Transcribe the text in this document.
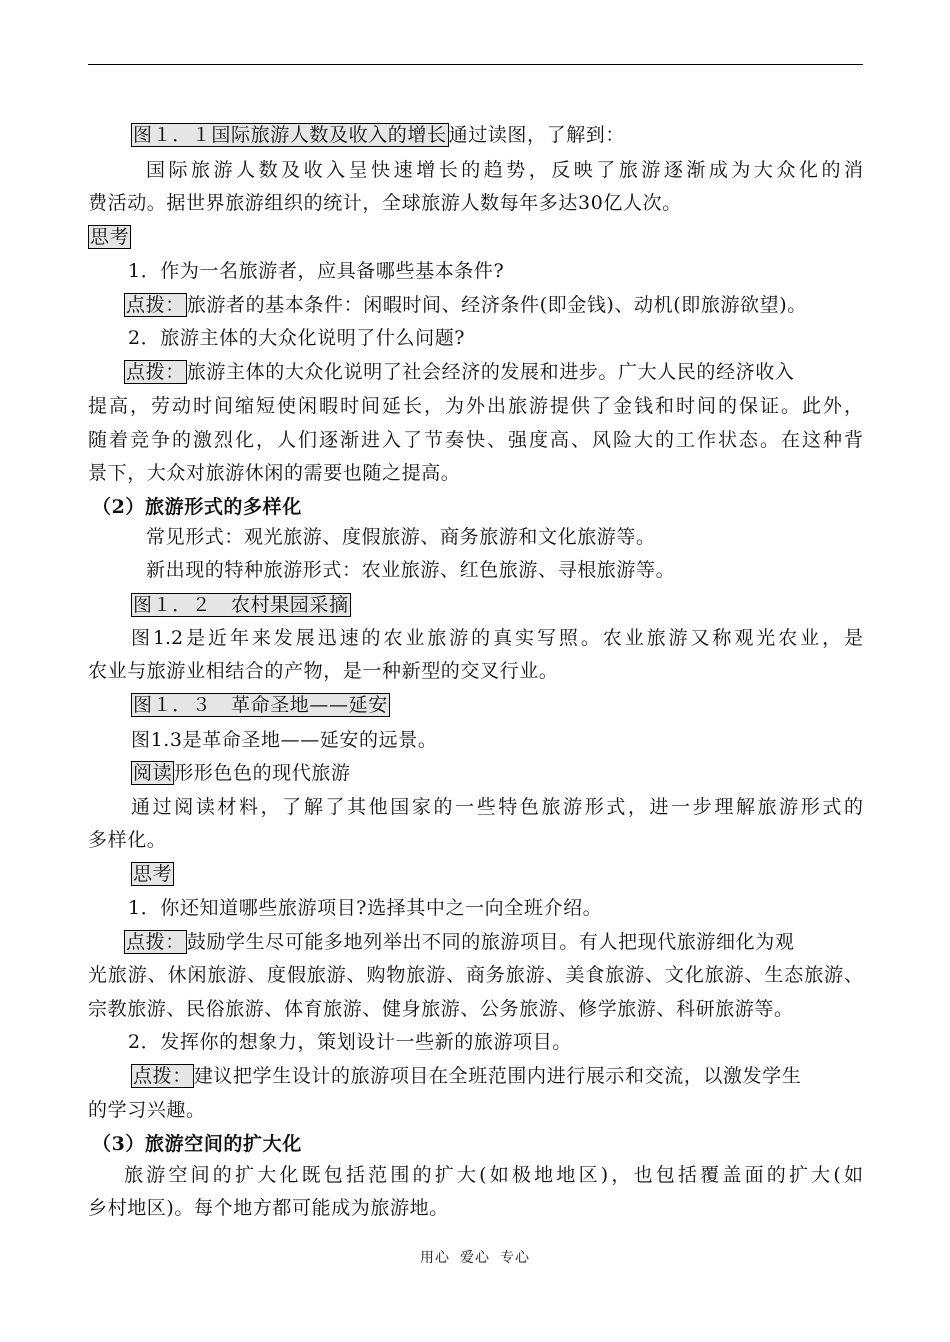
图１．１国际旅游人数及收入的增长 通过读图，了解到：
国际旅游人数及收入呈快速增长的趋势，反映了旅游逐渐成为大众化的消
费活动。据世界旅游组织的统计，全球旅游人数每年多达30亿人次。
思考
1．作为一名旅游者，应具备哪些基本条件?
点拨： 旅游者的基本条件：闲暇时间、经济条件(即金钱)、动机(即旅游欲望)。
2．旅游主体的大众化说明了什么问题?
点拨： 旅游主体的大众化说明了社会经济的发展和进步。广大人民的经济收入
提高，劳动时间缩短使闲暇时间延长，为外出旅游提供了金钱和时间的保证。此外，
随着竞争的激烈化，人们逐渐进入了节奏快、强度高、风险大的工作状态。在这种背
景下，大众对旅游休闲的需要也随之提高。
（2）旅游形式的多样化
常见形式：观光旅游、度假旅游、商务旅游和文化旅游等。
新出现的特种旅游形式：农业旅游、红色旅游、寻根旅游等。
图１．２　农村果园采摘
图1.2是近年来发展迅速的农业旅游的真实写照。农业旅游又称观光农业，是
农业与旅游业相结合的产物，是一种新型的交叉行业。
图１．３　革命圣地——延安
图1.3是革命圣地——延安的远景。
阅读 形形色色的现代旅游
通过阅读材料，了解了其他国家的一些特色旅游形式，进一步理解旅游形式的
多样化。
思考
1．你还知道哪些旅游项目?选择其中之一向全班介绍。
点拨： 鼓励学生尽可能多地列举出不同的旅游项目。有人把现代旅游细化为观
光旅游、休闲旅游、度假旅游、购物旅游、商务旅游、美食旅游、文化旅游、生态旅游、
宗教旅游、民俗旅游、体育旅游、健身旅游、公务旅游、修学旅游、科研旅游等。
2．发挥你的想象力，策划设计一些新的旅游项目。
点拨： 建议把学生设计的旅游项目在全班范围内进行展示和交流，以激发学生
的学习兴趣。
（3）旅游空间的扩大化
旅游空间的扩大化既包括范围的扩大(如极地地区)，也包括覆盖面的扩大(如
乡村地区)。每个地方都可能成为旅游地。
用心 爱心 专心
